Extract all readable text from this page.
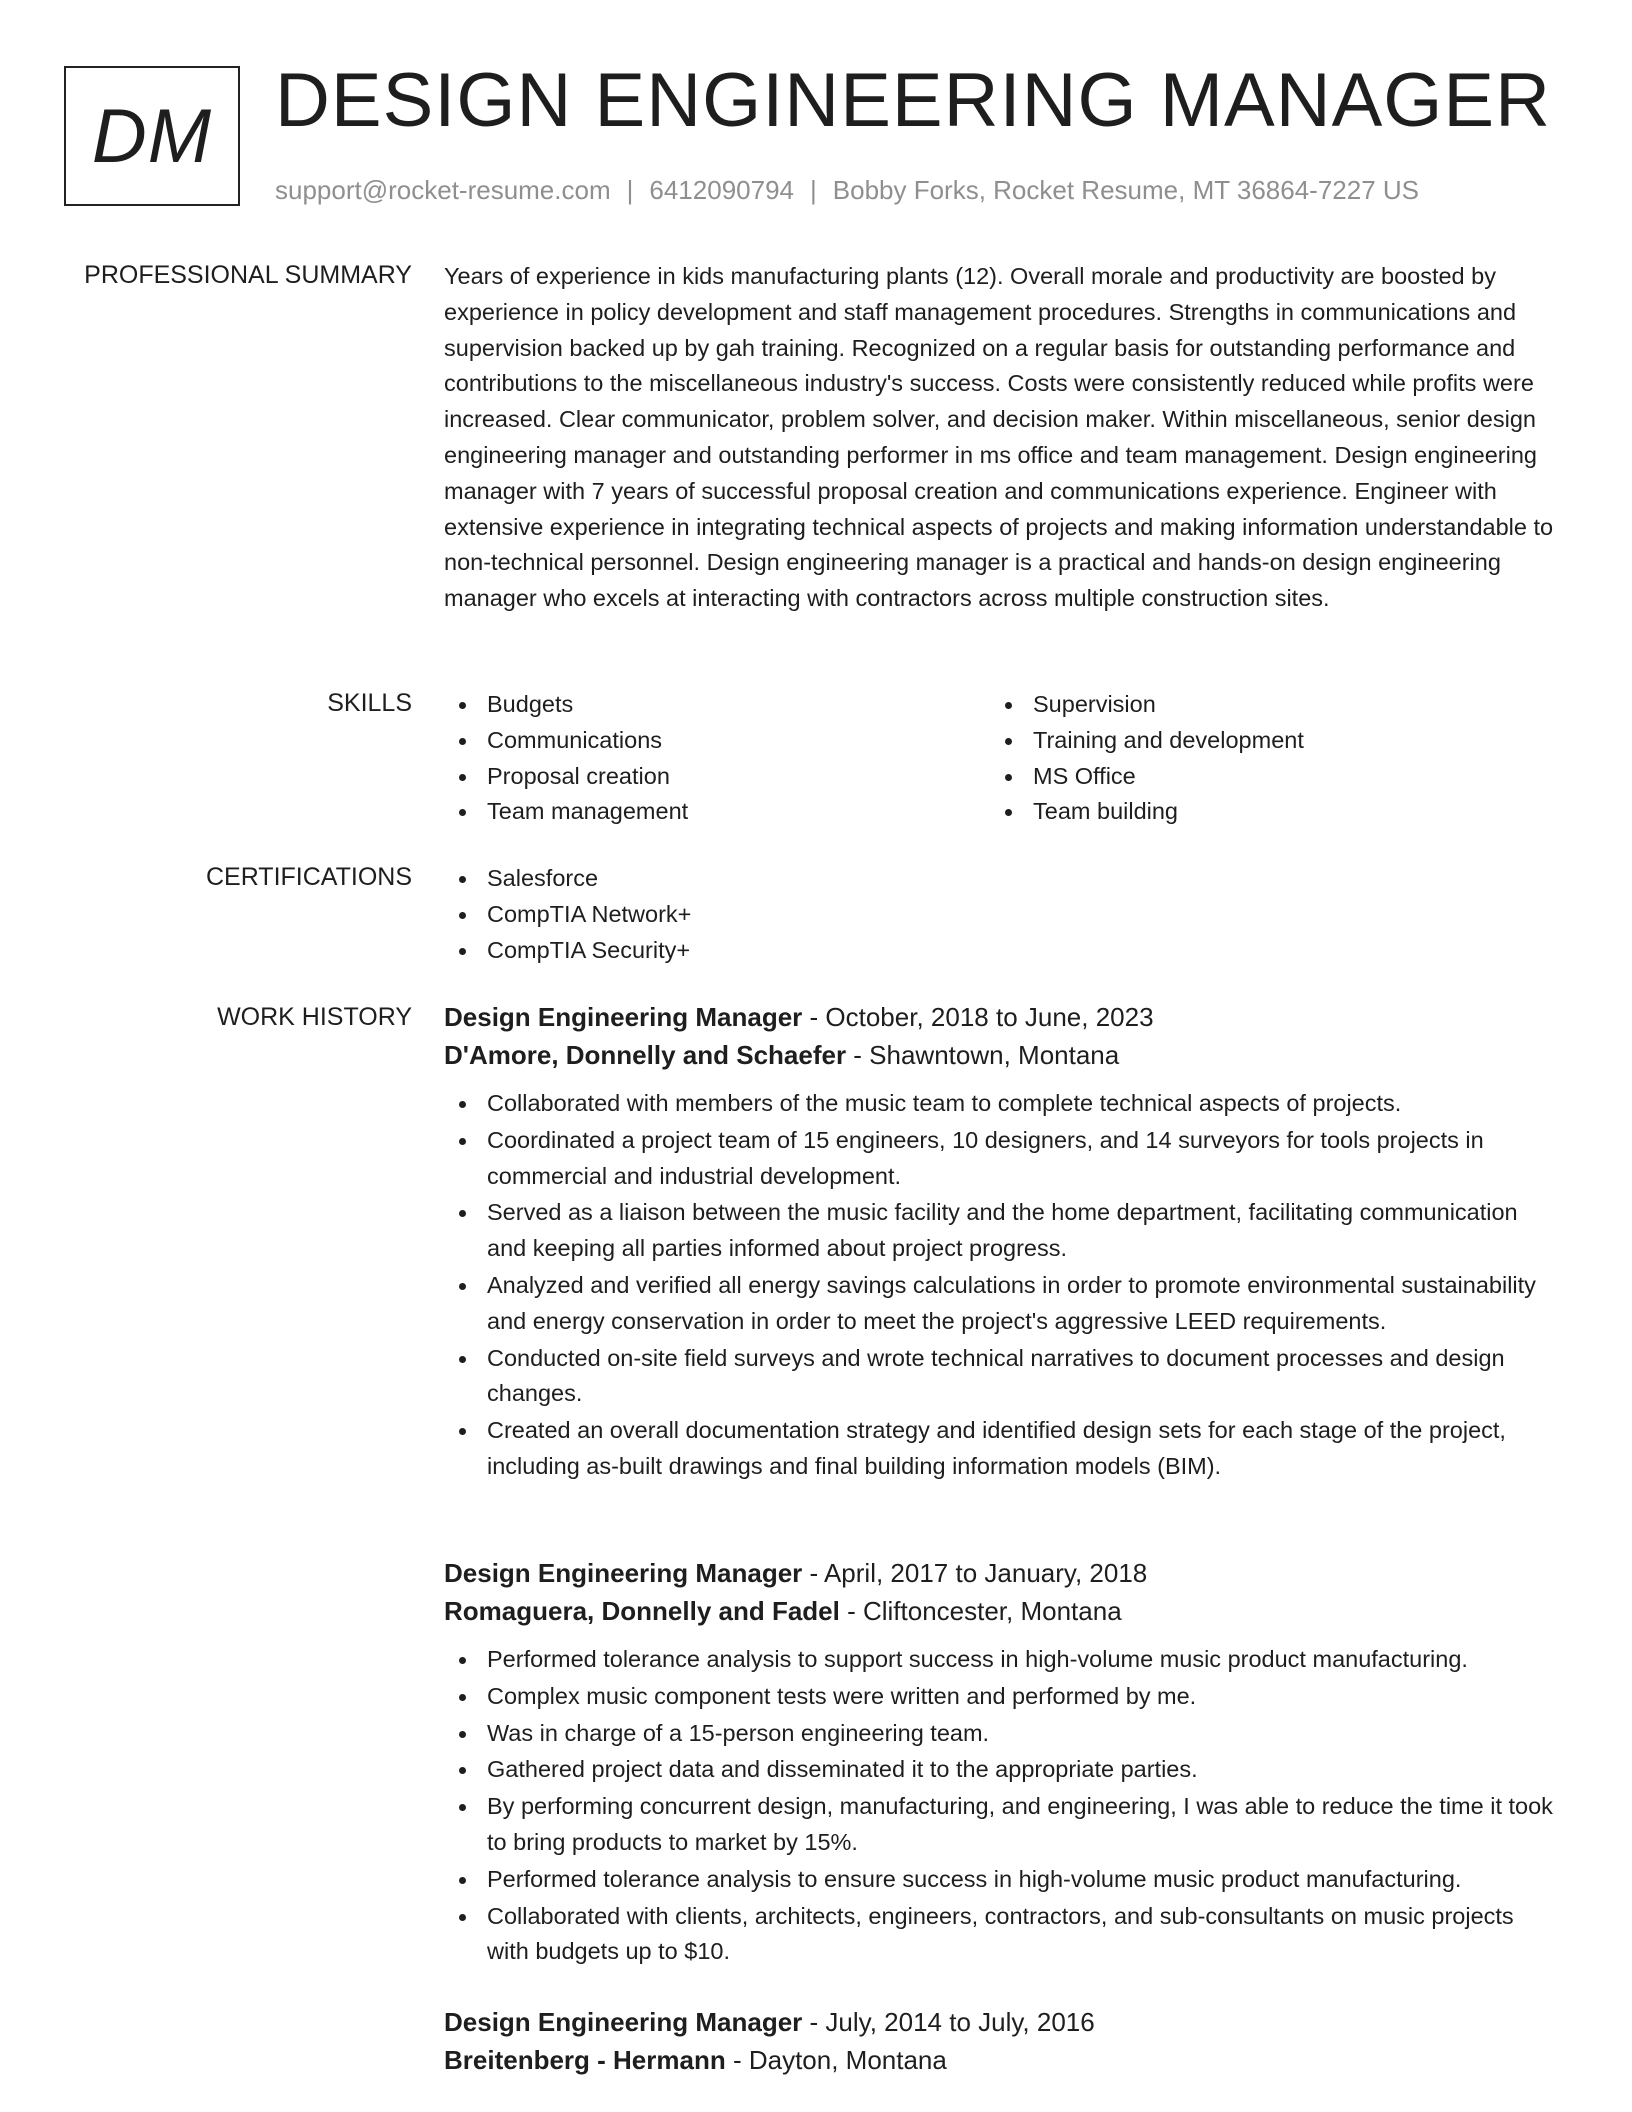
DM DESIGN ENGINEERING MANAGER
support@rocket-resume.com | 6412090794 | Bobby Forks, Rocket Resume, MT 36864-7227 US
PROFESSIONAL SUMMARY Years of experience in kids manufacturing plants (12). Overall morale and productivity are boosted by experience in policy development and staff management procedures. Strengths in communications and supervision backed up by gah training. Recognized on a regular basis for outstanding performance and contributions to the miscellaneous industry's success. Costs were consistently reduced while profits were increased. Clear communicator, problem solver, and decision maker. Within miscellaneous, senior design engineering manager and outstanding performer in ms office and team management. Design engineering manager with 7 years of successful proposal creation and communications experience. Engineer with extensive experience in integrating technical aspects of projects and making information understandable to non-technical personnel. Design engineering manager is a practical and hands-on design engineering manager who excels at interacting with contractors across multiple construction sites.

SKILLS	Budgets
Communications
Proposal creation
Team management
Supervision
Training and development
MS Office
Team building
CERTIFICATIONS	Salesforce
CompTIA Network+
CompTIA Security+
WORK HISTORY Design Engineering Manager - October, 2018 to June, 2023
D'Amore, Donnelly and Schaefer - Shawntown, Montana
Collaborated with members of the music team to complete technical aspects of projects.
Coordinated a project team of 15 engineers, 10 designers, and 14 surveyors for tools projects in commercial and industrial development.
Served as a liaison between the music facility and the home department, facilitating communication and keeping all parties informed about project progress.
Analyzed and verified all energy savings calculations in order to promote environmental sustainability and energy conservation in order to meet the project's aggressive LEED requirements.
Conducted on-site field surveys and wrote technical narratives to document processes and design changes.
Created an overall documentation strategy and identified design sets for each stage of the project, including as-built drawings and final building information models (BIM).
Design Engineering Manager - April, 2017 to January, 2018
Romaguera, Donnelly and Fadel - Cliftoncester, Montana
Performed tolerance analysis to support success in high-volume music product manufacturing.
Complex music component tests were written and performed by me.
Was in charge of a 15-person engineering team.
Gathered project data and disseminated it to the appropriate parties.
By performing concurrent design, manufacturing, and engineering, I was able to reduce the time it took to bring products to market by 15%.
Performed tolerance analysis to ensure success in high-volume music product manufacturing.
Collaborated with clients, architects, engineers, contractors, and sub-consultants on music projects with budgets up to $10.
Design Engineering Manager - July, 2014 to July, 2016
Breitenberg - Hermann - Dayton, Montana
